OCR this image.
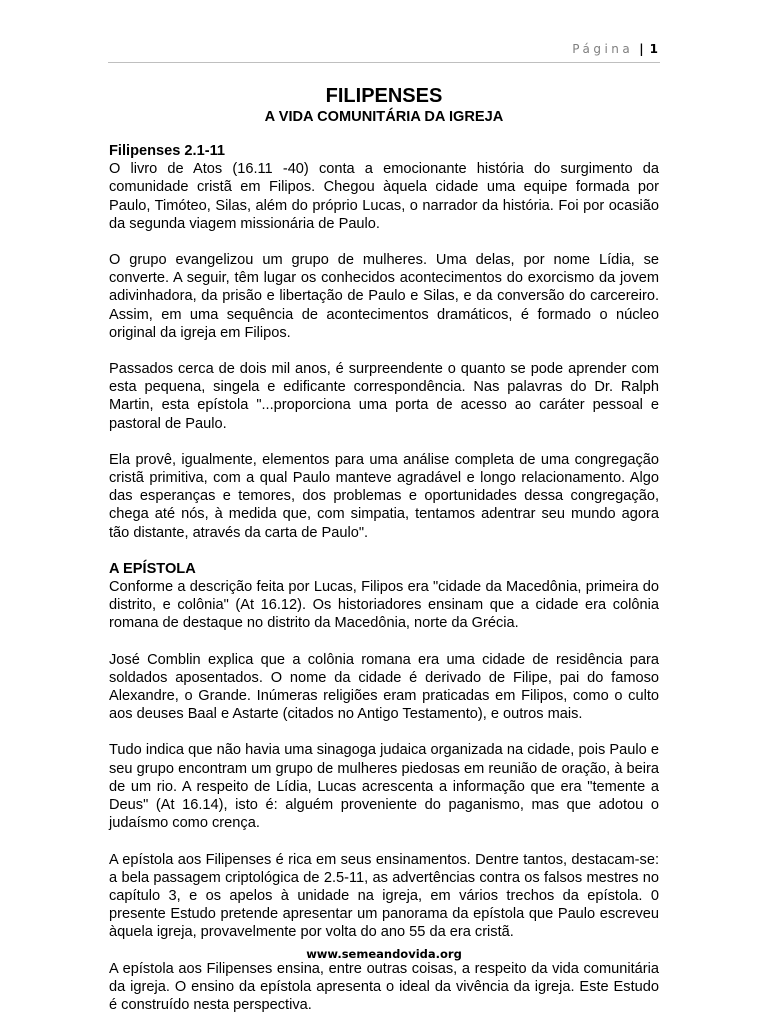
Página | 1
FILIPENSES
A VIDA COMUNITÁRIA DA IGREJA

Filipenses 2.1-11
O livro de Atos (16.11 -40) conta a emocionante história do surgimento da comunidade cristã em Filipos. Chegou àquela cidade uma equipe formada por Paulo, Timóteo, Silas, além do próprio Lucas, o narrador da história. Foi por ocasião da segunda viagem missionária de Paulo.

O grupo evangelizou um grupo de mulheres. Uma delas, por nome Lídia, se converte. A seguir, têm lugar os conhecidos acontecimentos do exorcismo da jovem adivinhadora, da prisão e libertação de Paulo e Silas, e da conversão do carcereiro. Assim, em uma sequência de acontecimentos dramáticos, é formado o núcleo original da igreja em Filipos.

Passados cerca de dois mil anos, é surpreendente o quanto se pode aprender com esta pequena, singela e edificante correspondência. Nas palavras do Dr. Ralph Martin, esta epístola "...proporciona uma porta de acesso ao caráter pessoal e pastoral de Paulo.

Ela provê, igualmente, elementos para uma análise completa de uma congregação cristã primitiva, com a qual Paulo manteve agradável e longo relacionamento. Algo das esperanças e temores, dos problemas e oportunidades dessa congregação, chega até nós, à medida que, com simpatia, tentamos adentrar seu mundo agora tão distante, através da carta de Paulo".

A EPÍSTOLA
Conforme a descrição feita por Lucas, Filipos era "cidade da Macedônia, primeira do distrito, e colônia" (At 16.12). Os historiadores ensinam que a cidade era colônia romana de destaque no distrito da Macedônia, norte da Grécia.

José Comblin explica que a colônia romana era uma cidade de residência para soldados aposentados. O nome da cidade é derivado de Filipe, pai do famoso Alexandre, o Grande. Inúmeras religiões eram praticadas em Filipos, como o culto aos deuses Baal e Astarte (citados no Antigo Testamento), e outros mais.

Tudo indica que não havia uma sinagoga judaica organizada na cidade, pois Paulo e seu grupo encontram um grupo de mulheres piedosas em reunião de oração, à beira de um rio. A respeito de Lídia, Lucas acrescenta a informação que era "temente a Deus" (At 16.14), isto é: alguém proveniente do paganismo, mas que adotou o judaísmo como crença.

A epístola aos Filipenses é rica em seus ensinamentos. Dentre tantos, destacam-se: a bela passagem criptológica de 2.5-11, as advertências contra os falsos mestres no capítulo 3, e os apelos à unidade na igreja, em vários trechos da epístola. 0 presente Estudo pretende apresentar um panorama da epístola que Paulo escreveu àquela igreja, provavelmente por volta do ano 55 da era cristã.

A epístola aos Filipenses ensina, entre outras coisas, a respeito da vida comunitária da igreja. O ensino da epístola apresenta o ideal da vivência da igreja. Este Estudo é construído nesta perspectiva.

www.semeandovida.org
